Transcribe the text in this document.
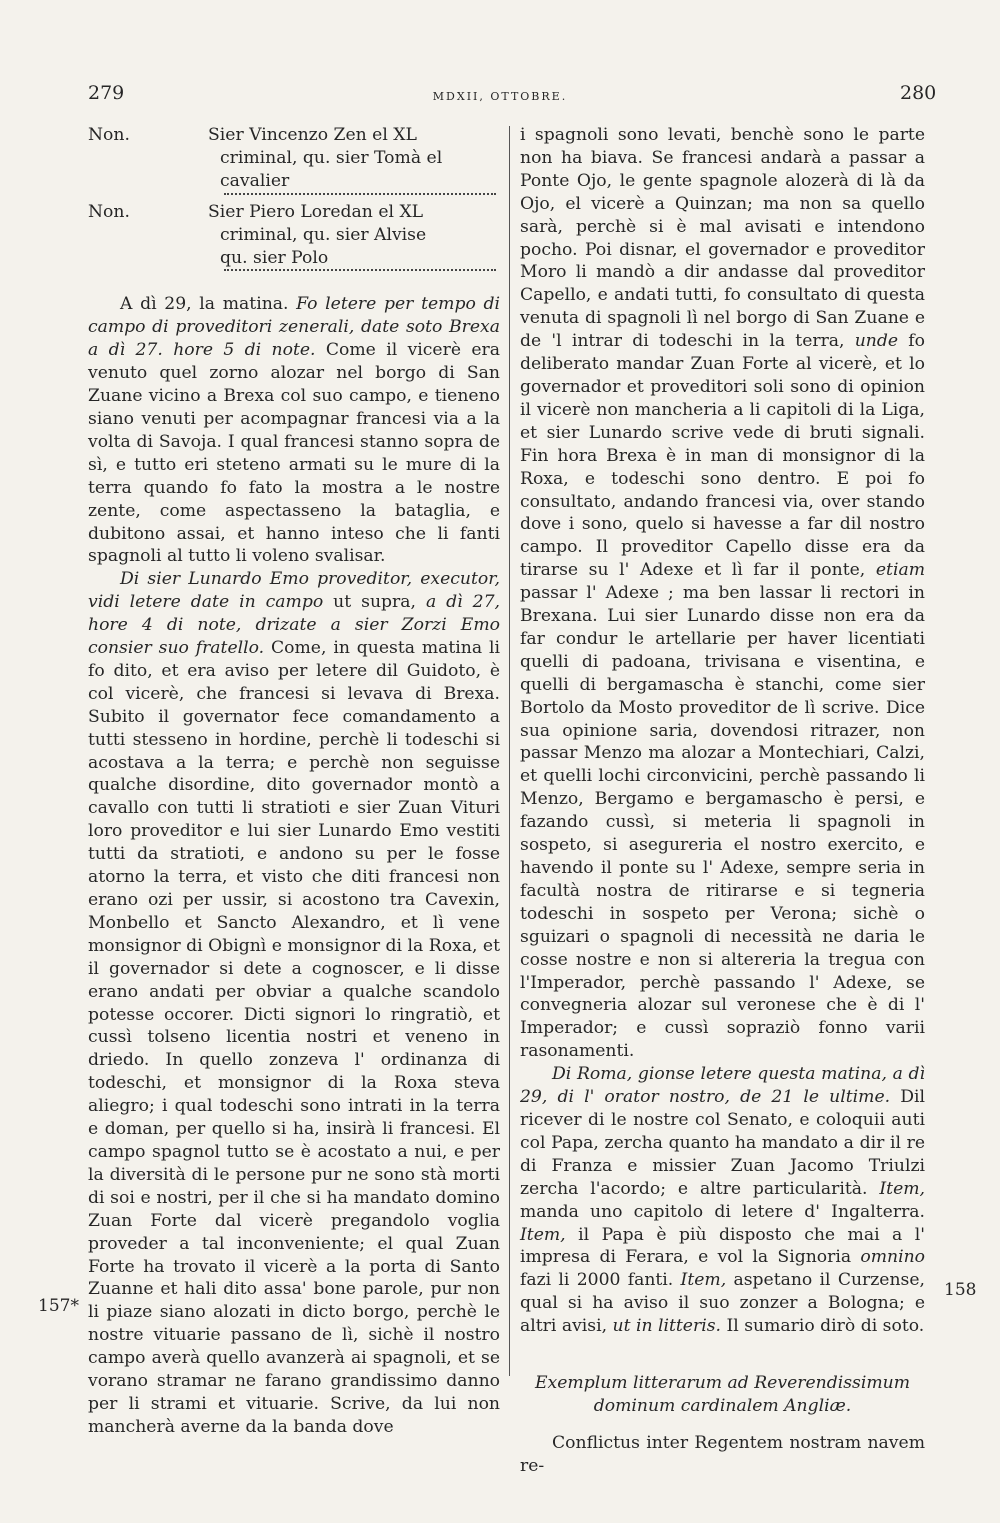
279	MDXII, OTTOBRE.	280
Non.	Sier Vincenzo Zen el XL
criminal, qu. sier Tomà el
cavalier
Non.	Sier Piero Loredan el XL
criminal, qu. sier Alvise
qu. sier Polo

A dì 29, la matina. Fo letere per tempo di campo di proveditori zenerali, date soto Brexa a dì 27. hore 5 di note. Come il vicerè era venuto quel zorno alozar nel borgo di San Zuane vicino a Brexa col suo campo, e tieneno siano venuti per acompagnar francesi via a la volta di Savoja. I qual francesi stanno sopra de sì, e tutto eri steteno armati su le mure di la terra quando fo fato la mostra a le nostre zente, come aspectasseno la bataglia, e dubitono assai, et hanno inteso che li fanti spagnoli al tutto li voleno svalisar.

Di sier Lunardo Emo proveditor, executor, vidi letere date in campo ut supra, a dì 27, hore 4 di note, drizate a sier Zorzi Emo consier suo fratello. Come, in questa matina li fo dito, et era aviso per letere dil Guidoto, è col vicerè, che francesi si levava di Brexa. Subito il governator fece comandamento a tutti stesseno in hordine, perchè li todeschi si acostava a la terra; e perchè non seguisse qualche disordine, dito governador montò a cavallo con tutti li stratioti e sier Zuan Vituri loro proveditor e lui sier Lunardo Emo vestiti tutti da stratioti, e andono su per le fosse atorno la terra, et visto che diti francesi non erano ozi per ussir, si acostono tra Cavexin, Monbello et Sancto Alexandro, et lì vene monsignor di Obignì e monsignor di la Roxa, et il governador si dete a cognoscer, e li disse erano andati per obviar a qualche scandolo potesse occorer. Dicti signori lo ringratiò, et cussì tolseno licentia nostri et veneno in driedo. In quello zonzeva l' ordinanza di todeschi, et monsignor di la Roxa steva aliegro; i qual todeschi sono intrati in la terra e doman, per quello si ha, insirà li francesi. El campo spagnol tutto se è acostato a nui, e per la diversità di le persone pur ne sono stà morti di soi e nostri, per il che si ha mandato domino Zuan Forte dal vicerè pregandolo voglia proveder a tal inconveniente; el qual Zuan Forte ha trovato il vicerè a la porta di Santo Zuanne et hali dito assa' bone parole, pur non li piaze siano alozati in dicto borgo, perchè le nostre vituarie passano de lì, sichè il nostro campo averà quello avanzerà ai spagnoli, et se vorano stramar ne farano grandissimo danno per li strami et vituarie. Scrive, da lui non mancherà averne da la banda dove

i spagnoli sono levati, benchè sono le parte non ha biava. Se francesi andarà a passar a Ponte Ojo, le gente spagnole alozerà di là da Ojo, el vicerè a Quinzan; ma non sa quello sarà, perchè si è mal avisati e intendono pocho. Poi disnar, el governador e proveditor Moro li mandò a dir andasse dal proveditor Capello, e andati tutti, fo consultato di questa venuta di spagnoli lì nel borgo di San Zuane e de 'l intrar di todeschi in la terra, unde fo deliberato mandar Zuan Forte al vicerè, et lo governador et proveditori soli sono di opinion il vicerè non mancheria a li capitoli di la Liga, et sier Lunardo scrive vede di bruti signali. Fin hora Brexa è in man di monsignor di la Roxa, e todeschi sono dentro. E poi fo consultato, andando francesi via, over stando dove i sono, quelo si havesse a far dil nostro campo. Il proveditor Capello disse era da tirarse su l' Adexe et lì far il ponte, etiam passar l' Adexe ; ma ben lassar li rectori in Brexana. Lui sier Lunardo disse non era da far condur le artellarie per haver licentiati quelli di padoana, trivisana e visentina, e quelli di bergamascha è stanchi, come sier Bortolo da Mosto proveditor de lì scrive. Dice sua opinione saria, dovendosi ritrazer, non passar Menzo ma alozar a Montechiari, Calzi, et quelli lochi circonvicini, perchè passando li Menzo, Bergamo e bergamascho è persi, e fazando cussì, si meteria li spagnoli in sospeto, si asegureria el nostro exercito, e havendo il ponte su l' Adexe, sempre seria in facultà nostra de ritirarse e si tegneria todeschi in sospeto per Verona; sichè o sguizari o spagnoli di necessità ne daria le cosse nostre e non si altereria la tregua con l'Imperador, perchè passando l' Adexe, se convegneria alozar sul veronese che è di l' Imperador; e cussì sopraziò fonno varii rasonamenti.

Di Roma, gionse letere questa matina, a dì 29, di l' orator nostro, de 21 le ultime. Dil ricever di le nostre col Senato, e coloquii auti col Papa, zercha quanto ha mandato a dir il re di Franza e missier Zuan Jacomo Triulzi zercha l'acordo; e altre particularità. Item, manda uno capitolo di letere d' Ingalterra. Item, il Papa è più disposto che mai a l' impresa di Ferara, e vol la Signoria omnino fazi li 2000 fanti. Item, aspetano il Curzense, qual si ha aviso il suo zonzer a Bologna; e altri avisi, ut in litteris. Il sumario dirò di soto.

Exemplum litterarum ad Reverendissimum
dominum cardinalem Angliæ.

Conflictus inter Regentem nostram navem re-

157*
158
